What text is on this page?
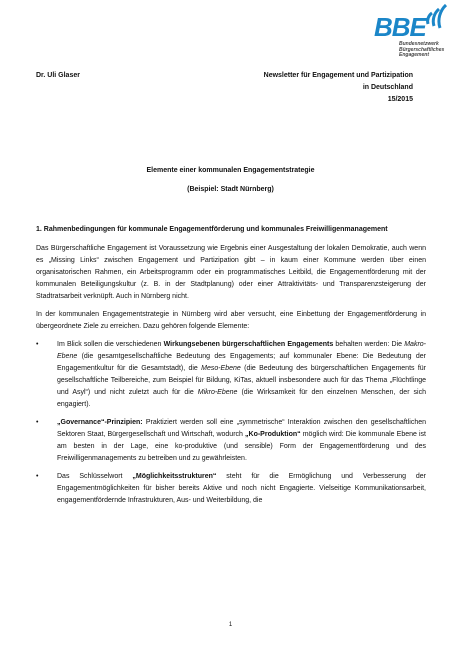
BBE
Bundesnetzwerk
Bürgerschaftliches
Engagement
Dr. Uli Glaser	Newsletter für Engagement und Partizipation
in Deutschland
15/2015
Elemente einer kommunalen Engagementstrategie
(Beispiel: Stadt Nürnberg)

1. Rahmenbedingungen für kommunale Engagementförderung und kommunales Freiwilligenmanagement

Das Bürgerschaftliche Engagement ist Voraussetzung wie Ergebnis einer Ausgestaltung der lokalen Demokratie, auch wenn es „Missing Links“ zwischen Engagement und Partizipation gibt – in kaum einer Kommune werden über einen organisatorischen Rahmen, ein Arbeitsprogramm oder ein programmatisches Leitbild, die Engagementförderung mit der kommunalen Beteiligungskultur (z. B. in der Stadtplanung) oder einer Attraktivitäts- und Transparenzsteigerung der Stadtratsarbeit verknüpft. Auch in Nürnberg nicht.

In der kommunalen Engagementstrategie in Nürnberg wird aber versucht, eine Einbettung der Engagementförderung in übergeordnete Ziele zu erreichen. Dazu gehören folgende Elemente:

•	Im Blick sollen die verschiedenen Wirkungsebenen bürgerschaftlichen Engagements behalten werden: Die Makro-Ebene (die gesamtgesellschaftliche Bedeutung des Engagements; auf kommunaler Ebene: Die Bedeutung der Engagementkultur für die Gesamtstadt), die Meso-Ebene (die Bedeutung des bürgerschaftlichen Engagements für gesellschaftliche Teilbereiche, zum Beispiel für Bildung, KiTas, aktuell insbesondere auch für das Thema „Flüchtlinge und Asyl“) und nicht zuletzt auch für die Mikro-Ebene (die Wirksamkeit für den einzelnen Menschen, der sich engagiert).
•	„Governance“-Prinzipien: Praktiziert werden soll eine „symmetrische“ Interaktion zwischen den gesellschaftlichen Sektoren Staat, Bürgergesellschaft und Wirtschaft, wodurch „Ko-Produktion“ möglich wird: Die kommunale Ebene ist am besten in der Lage, eine ko-produktive (und sensible) Form der Engagementförderung und des Freiwilligenmanagements zu betreiben und zu gewährleisten.
•	Das Schlüsselwort „Möglichkeitsstrukturen“ steht für die Ermöglichung und Verbesserung der Engagementmöglichkeiten für bisher bereits Aktive und noch nicht Engagierte. Vielseitige Kommunikationsarbeit, engagementfördernde Infrastrukturen, Aus- und Weiterbildung, die
1
